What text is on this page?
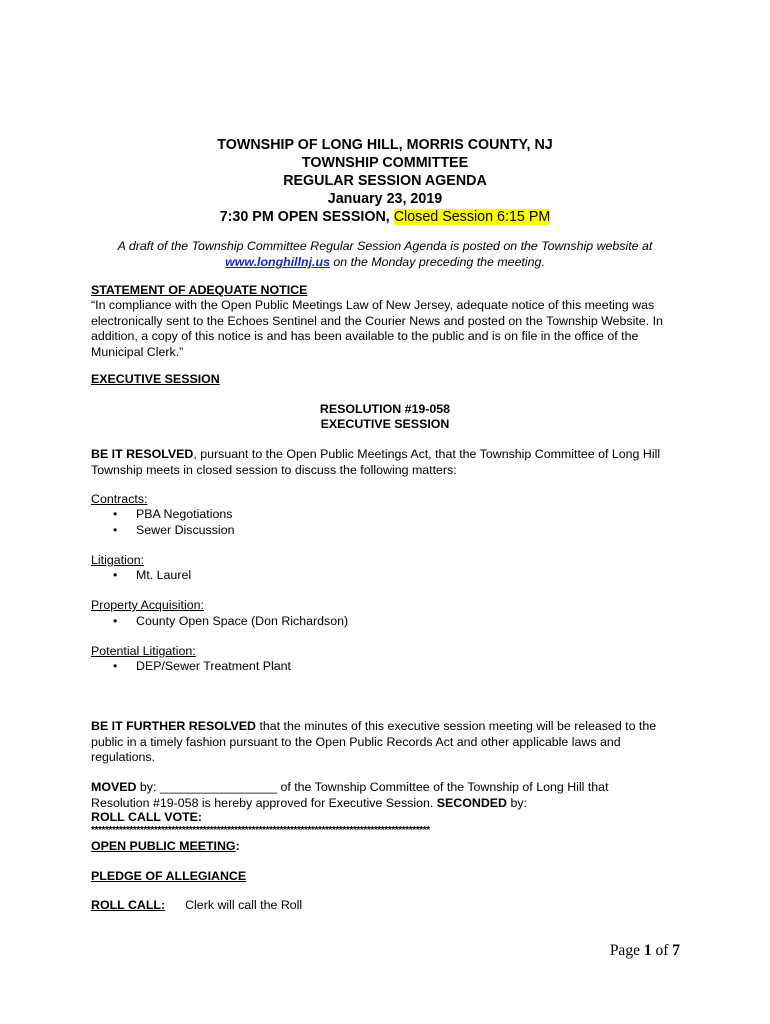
TOWNSHIP OF LONG HILL, MORRIS COUNTY, NJ
TOWNSHIP COMMITTEE
REGULAR SESSION AGENDA
January 23, 2019
7:30 PM OPEN SESSION, Closed Session 6:15 PM
A draft of the Township Committee Regular Session Agenda is posted on the Township website at
www.longhillnj.us on the Monday preceding the meeting.
STATEMENT OF ADEQUATE NOTICE
“In compliance with the Open Public Meetings Law of New Jersey, adequate notice of this meeting was electronically sent to the Echoes Sentinel and the Courier News and posted on the Township Website. In addition, a copy of this notice is and has been available to the public and is on file in the office of the Municipal Clerk.”
EXECUTIVE SESSION
RESOLUTION #19-058
EXECUTIVE SESSION
BE IT RESOLVED, pursuant to the Open Public Meetings Act, that the Township Committee of Long Hill Township meets in closed session to discuss the following matters:
Contracts:
• PBA Negotiations
• Sewer Discussion
Litigation:
• Mt. Laurel
Property Acquisition:
• County Open Space (Don Richardson)
Potential Litigation:
• DEP/Sewer Treatment Plant
BE IT FURTHER RESOLVED that the minutes of this executive session meeting will be released to the public in a timely fashion pursuant to the Open Public Records Act and other applicable laws and regulations.
MOVED by: _________________ of the Township Committee of the Township of Long Hill that Resolution #19-058 is hereby approved for Executive Session. SECONDED by:
ROLL CALL VOTE:
*************************************************************************************************
OPEN PUBLIC MEETING:
PLEDGE OF ALLEGIANCE
ROLL CALL: Clerk will call the Roll
Page 1 of 7
